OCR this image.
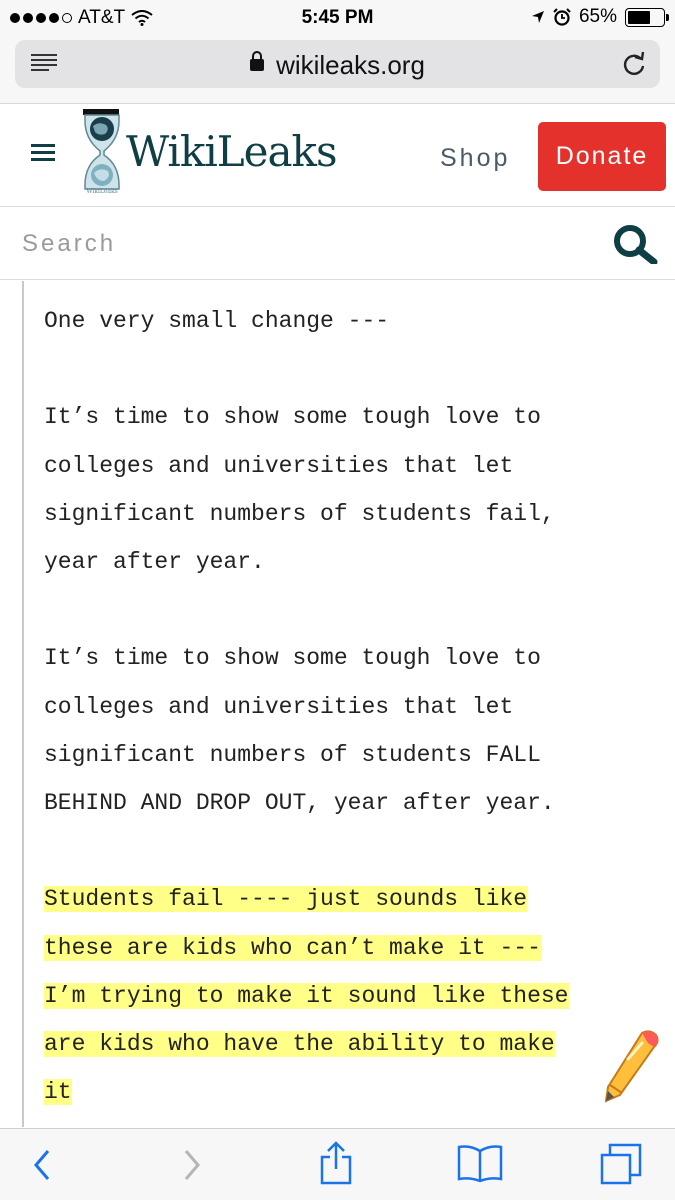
AT&T	5:45 PM	65%
wikileaks.org
WikiLeaks
WikiLeaks	Shop	Donate
Search
One very small change ---
It’s time to show some tough love to
colleges and universities that let
significant numbers of students fail,
year after year.
It’s time to show some tough love to
colleges and universities that let
significant numbers of students FALL
BEHIND AND DROP OUT, year after year.
Students fail ---- just sounds like
these are kids who can’t make it ---
I’m trying to make it sound like these
are kids who have the ability to make
it
